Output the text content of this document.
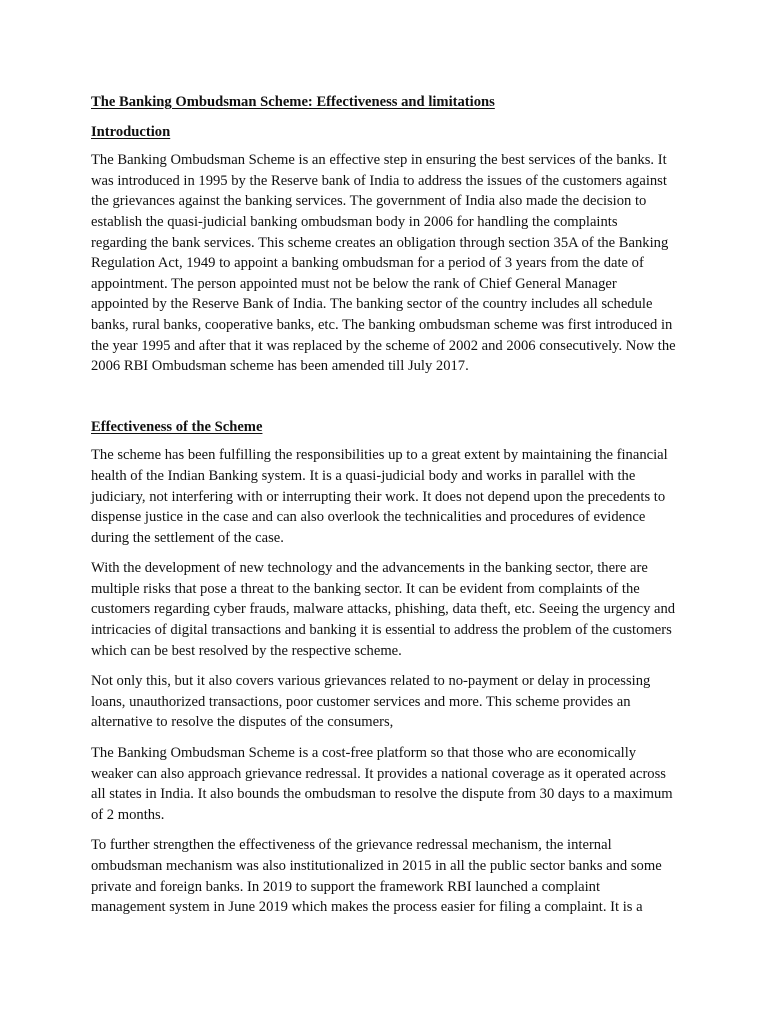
The Banking Ombudsman Scheme: Effectiveness and limitations
Introduction

The Banking Ombudsman Scheme is an effective step in ensuring the best services of the banks. It was introduced in 1995 by the Reserve bank of India to address the issues of the customers against the grievances against the banking services. The government of India also made the decision to establish the quasi-judicial banking ombudsman body in 2006 for handling the complaints regarding the bank services. This scheme creates an obligation through section 35A of the Banking Regulation Act, 1949 to appoint a banking ombudsman for a period of 3 years from the date of appointment. The person appointed must not be below the rank of Chief General Manager appointed by the Reserve Bank of India. The banking sector of the country includes all schedule banks, rural banks, cooperative banks, etc. The banking ombudsman scheme was first introduced in the year 1995 and after that it was replaced by the scheme of 2002 and 2006 consecutively. Now the 2006 RBI Ombudsman scheme has been amended till July 2017.

Effectiveness of the Scheme

The scheme has been fulfilling the responsibilities up to a great extent by maintaining the financial health of the Indian Banking system. It is a quasi-judicial body and works in parallel with the judiciary, not interfering with or interrupting their work. It does not depend upon the precedents to dispense justice in the case and can also overlook the technicalities and procedures of evidence during the settlement of the case.

With the development of new technology and the advancements in the banking sector, there are multiple risks that pose a threat to the banking sector. It can be evident from complaints of the customers regarding cyber frauds, malware attacks, phishing, data theft, etc. Seeing the urgency and intricacies of digital transactions and banking it is essential to address the problem of the customers which can be best resolved by the respective scheme.

Not only this, but it also covers various grievances related to no-payment or delay in processing loans, unauthorized transactions, poor customer services and more. This scheme provides an alternative to resolve the disputes of the consumers,

The Banking Ombudsman Scheme is a cost-free platform so that those who are economically weaker can also approach grievance redressal. It provides a national coverage as it operated across all states in India. It also bounds the ombudsman to resolve the dispute from 30 days to a maximum of 2 months.

To further strengthen the effectiveness of the grievance redressal mechanism, the internal ombudsman mechanism was also institutionalized in 2015 in all the public sector banks and some private and foreign banks. In 2019 to support the framework RBI launched a complaint management system in June 2019 which makes the process easier for filing a complaint. It is a
